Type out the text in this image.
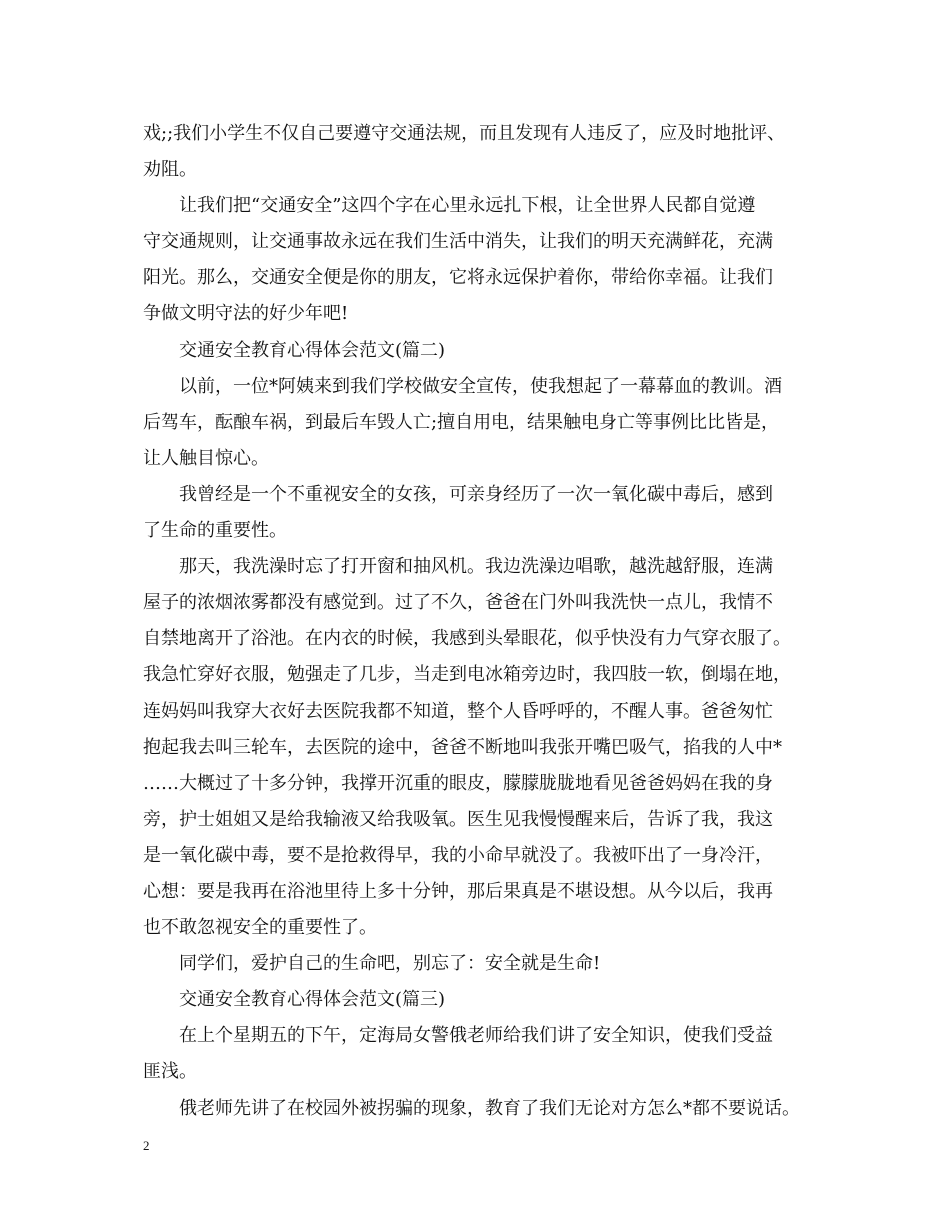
戏;;我们小学生不仅自己要遵守交通法规，而且发现有人违反了，应及时地批评、
劝阻。
让我们把“交通安全”这四个字在心里永远扎下根，让全世界人民都自觉遵
守交通规则，让交通事故永远在我们生活中消失，让我们的明天充满鲜花，充满
阳光。那么，交通安全便是你的朋友，它将永远保护着你，带给你幸福。让我们
争做文明守法的好少年吧!
交通安全教育心得体会范文(篇二)
以前，一位*阿姨来到我们学校做安全宣传，使我想起了一幕幕血的教训。酒
后驾车，酝酿车祸，到最后车毁人亡;擅自用电，结果触电身亡等事例比比皆是，
让人触目惊心。
我曾经是一个不重视安全的女孩，可亲身经历了一次一氧化碳中毒后，感到
了生命的重要性。
那天，我洗澡时忘了打开窗和抽风机。我边洗澡边唱歌，越洗越舒服，连满
屋子的浓烟浓雾都没有感觉到。过了不久，爸爸在门外叫我洗快一点儿，我情不
自禁地离开了浴池。在内衣的时候，我感到头晕眼花，似乎快没有力气穿衣服了。
我急忙穿好衣服，勉强走了几步，当走到电冰箱旁边时，我四肢一软，倒塌在地，
连妈妈叫我穿大衣好去医院我都不知道，整个人昏呼呼的，不醒人事。爸爸匆忙
抱起我去叫三轮车，去医院的途中，爸爸不断地叫我张开嘴巴吸气，掐我的人中*
……大概过了十多分钟，我撑开沉重的眼皮，朦朦胧胧地看见爸爸妈妈在我的身
旁，护士姐姐又是给我输液又给我吸氧。医生见我慢慢醒来后，告诉了我，我这
是一氧化碳中毒，要不是抢救得早，我的小命早就没了。我被吓出了一身冷汗，
心想：要是我再在浴池里待上多十分钟，那后果真是不堪设想。从今以后，我再
也不敢忽视安全的重要性了。
同学们，爱护自己的生命吧，别忘了：安全就是生命!
交通安全教育心得体会范文(篇三)
在上个星期五的下午，定海局女警俄老师给我们讲了安全知识，使我们受益
匪浅。
俄老师先讲了在校园外被拐骗的现象，教育了我们无论对方怎么*都不要说话。
2
